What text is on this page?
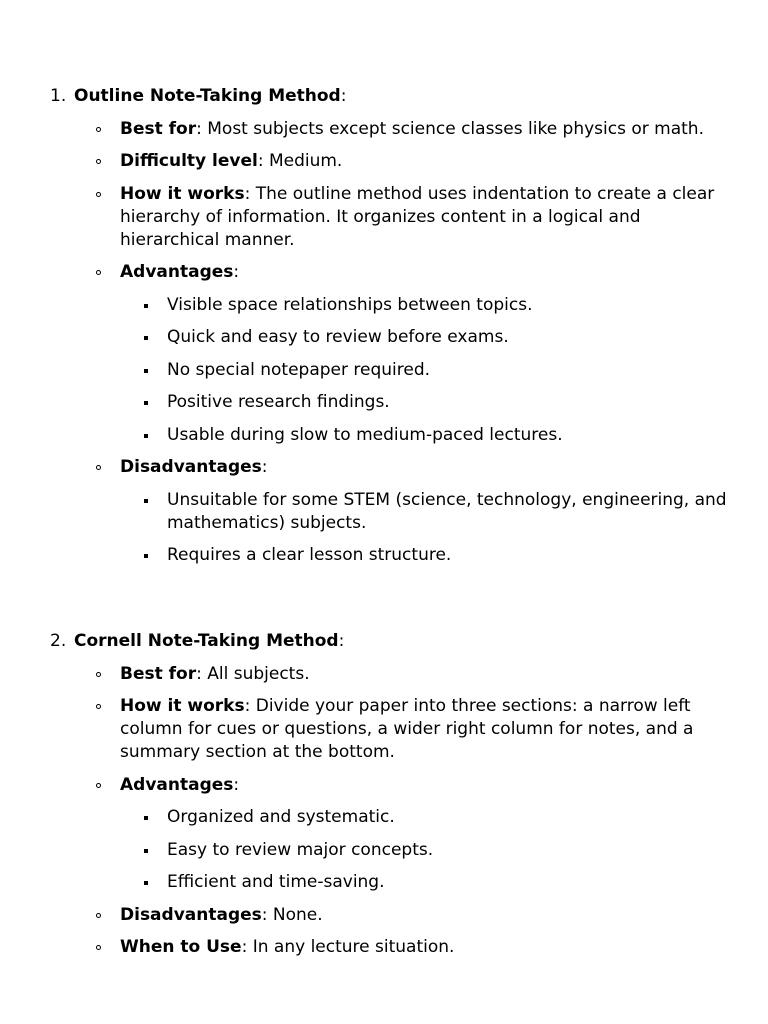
1. Outline Note-Taking Method:
Best for: Most subjects except science classes like physics or math.
Difficulty level: Medium.
How it works: The outline method uses indentation to create a clear hierarchy of information. It organizes content in a logical and hierarchical manner.
Advantages:
Visible space relationships between topics.
Quick and easy to review before exams.
No special notepaper required.
Positive research findings.
Usable during slow to medium-paced lectures.
Disadvantages:
Unsuitable for some STEM (science, technology, engineering, and mathematics) subjects.
Requires a clear lesson structure.
2. Cornell Note-Taking Method:
Best for: All subjects.
How it works: Divide your paper into three sections: a narrow left column for cues or questions, a wider right column for notes, and a summary section at the bottom.
Advantages:
Organized and systematic.
Easy to review major concepts.
Efficient and time-saving.
Disadvantages: None.
When to Use: In any lecture situation.
